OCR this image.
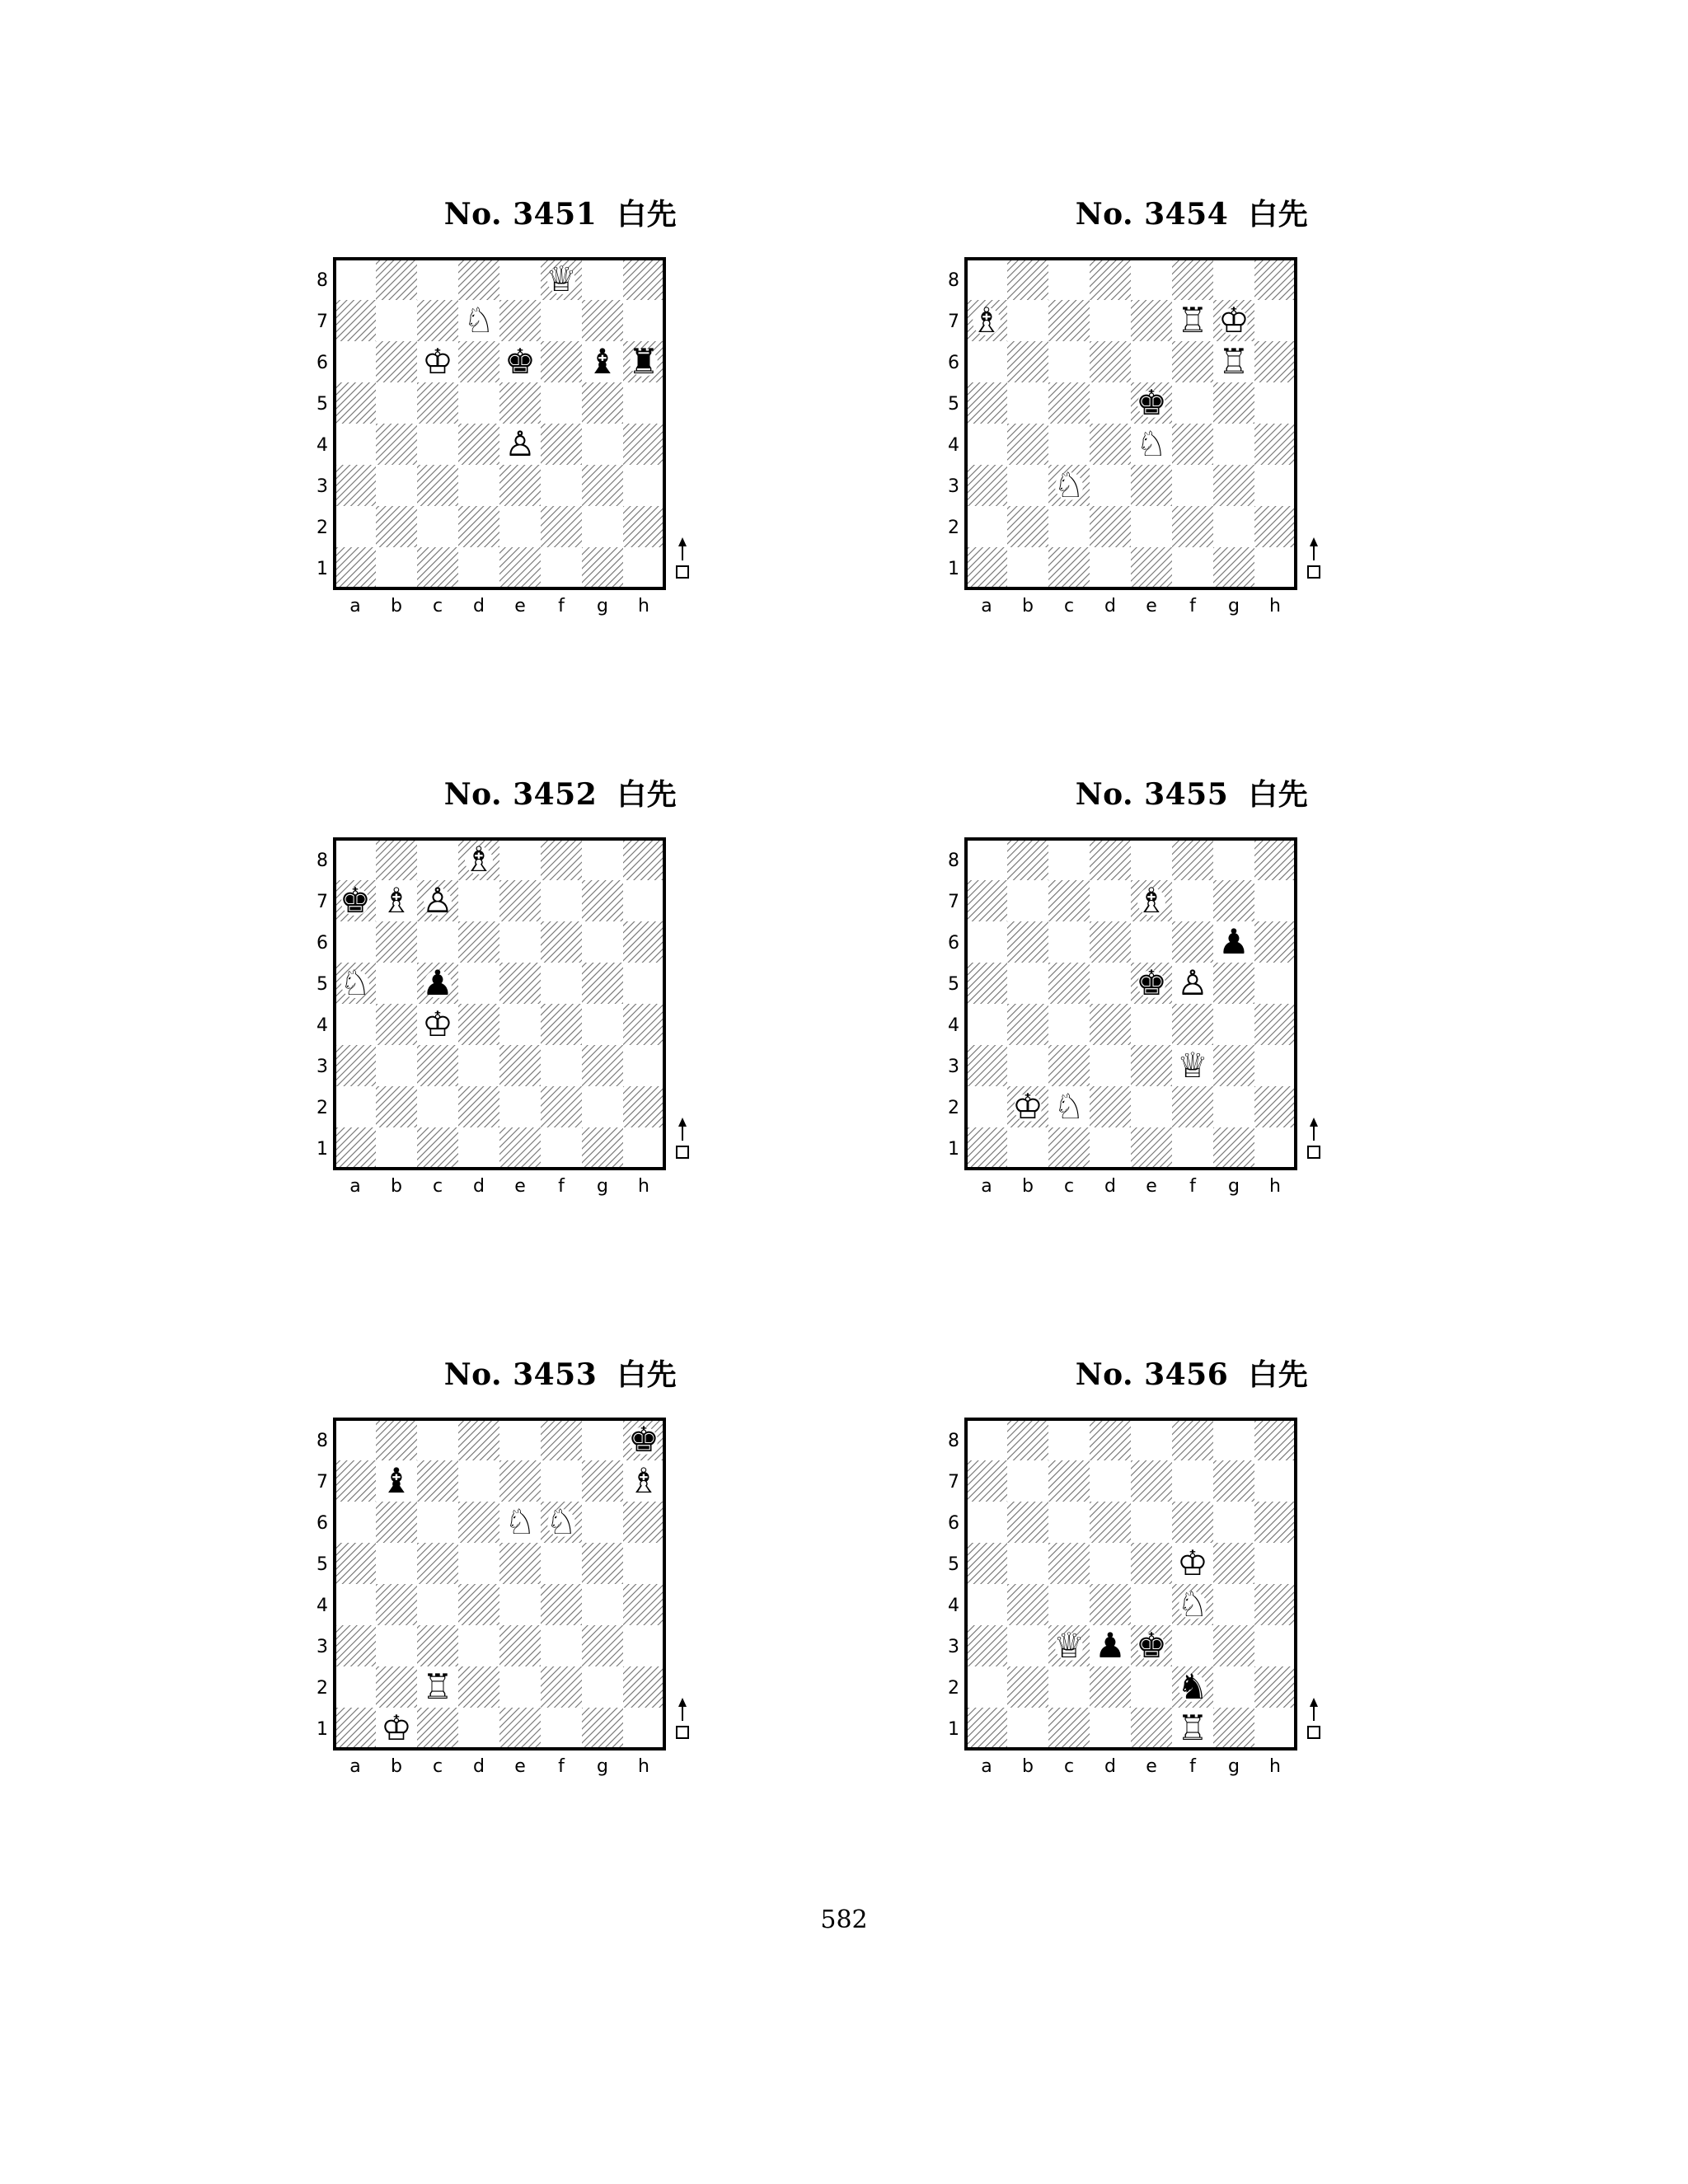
No. 3451 白先
8
7
6
5
4
3
2
1
a b c d e f g h
♕
♘
♔ ♚ ♝ ♜
♙
No. 3452 白先
8
7
6
5
4
3
2
1
a b c d e f g h
♗
♚ ♗ ♙
♘ ♟
♔
No. 3453 白先
8
7
6
5
4
3
2
1
a b c d e f g h
♚
♝	♗
♘ ♘
♖
♔
No. 3454 白先
8
7
6
5
4
3
2
1
a b c d e f g h
♗	♖ ♔
♖
♚
♘
♘
No. 3455 白先
8
7
6
5
4
3
2
1
a b c d e f g h
♗
♟
♚ ♙
♕
♔ ♘
No. 3456 白先
8
7
6
5
4
3
2
1
a b c d e f g h
♔
♘
♕ ♟ ♚
♞
♖
582
